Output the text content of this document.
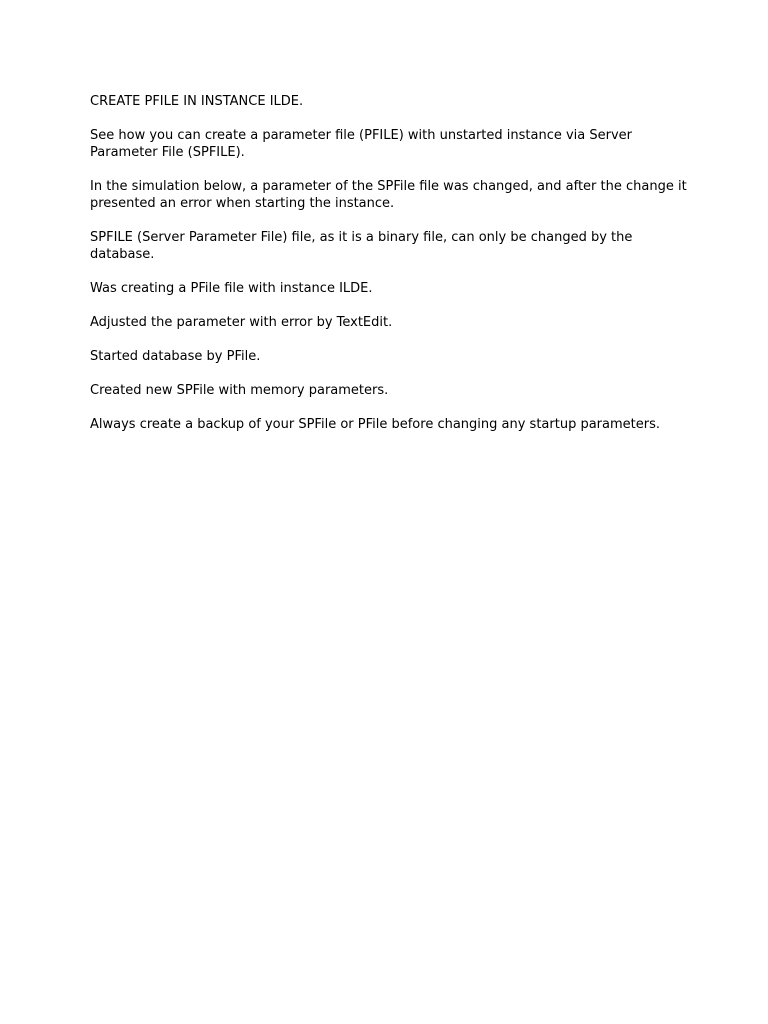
CREATE PFILE IN INSTANCE ILDE.

See how you can create a parameter file (PFILE) with unstarted instance via Server Parameter File (SPFILE).

In the simulation below, a parameter of the SPFile file was changed, and after the change it presented an error when starting the instance.

SPFILE (Server Parameter File) file, as it is a binary file, can only be changed by the database.

Was creating a PFile file with instance ILDE.

Adjusted the parameter with error by TextEdit.

Started database by PFile.

Created new SPFile with memory parameters.

Always create a backup of your SPFile or PFile before changing any startup parameters.
